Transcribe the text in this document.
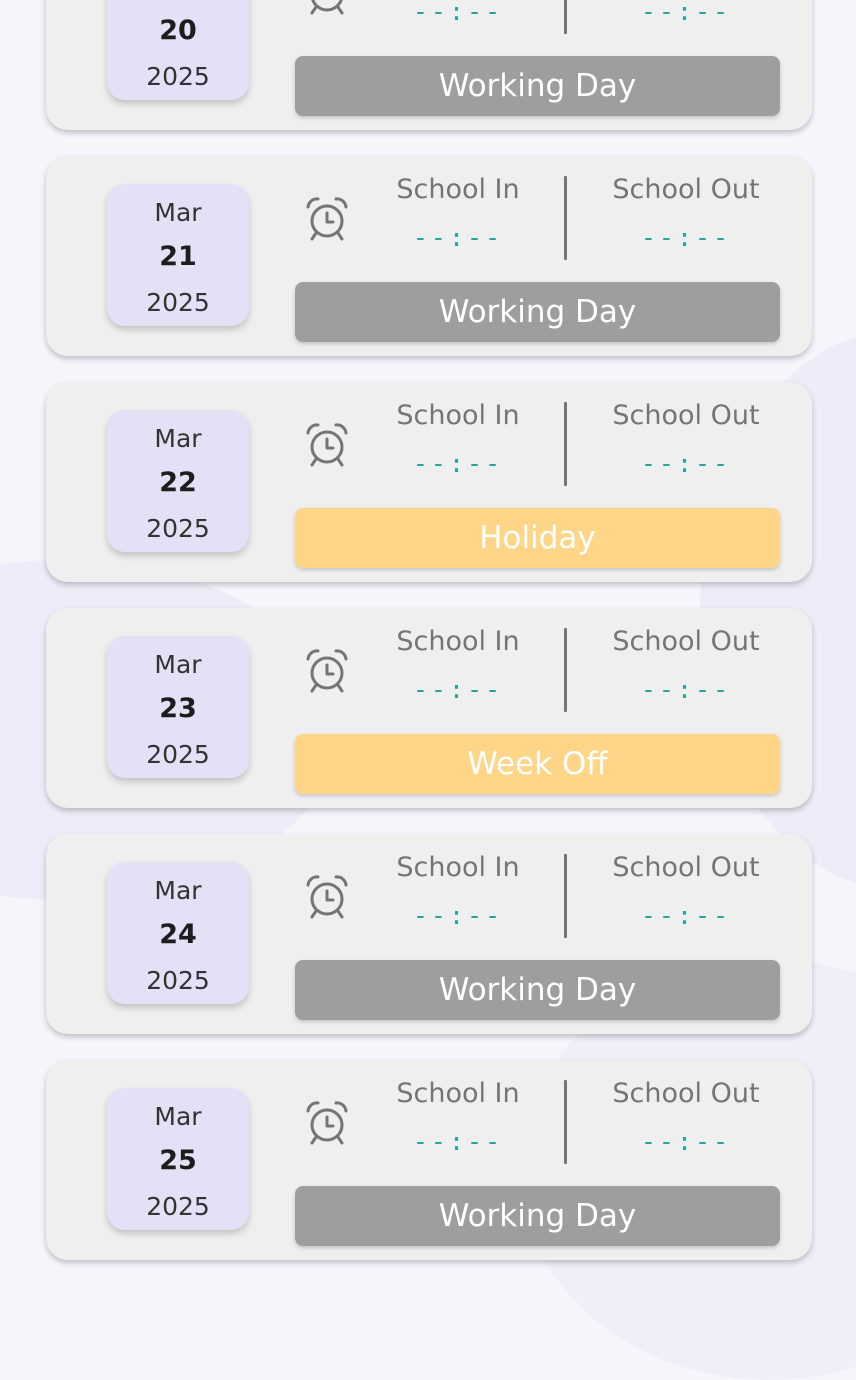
20
2025
--:--	--:--
Working Day
Mar
21
2025
School In
--:--
School Out
--:--
Working Day
Mar
22
2025
School In
--:--
School Out
--:--
Holiday
Mar
23
2025
School In
--:--
School Out
--:--
Week Off
Mar
24
2025
School In
--:--
School Out
--:--
Working Day
Mar
25
2025
School In
--:--
School Out
--:--
Working Day
